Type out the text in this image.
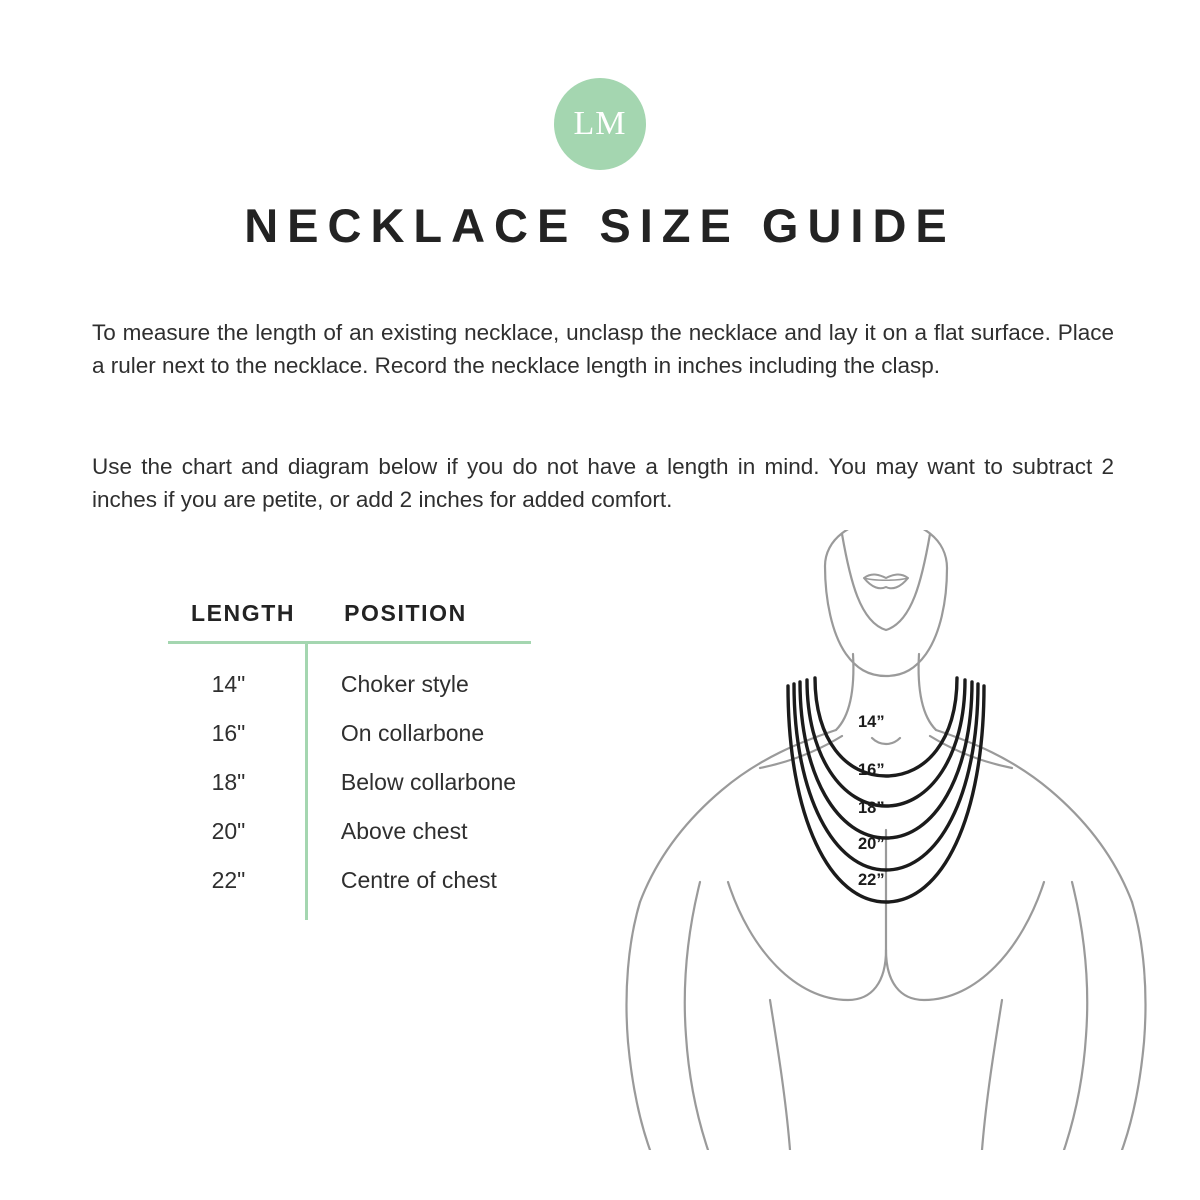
LM
NECKLACE SIZE GUIDE
To measure the length of an existing necklace, unclasp the necklace and lay it on a flat surface. Place a ruler next to the necklace. Record the necklace length in inches including the clasp.
Use the chart and diagram below if you do not have a length in mind. You may want to subtract 2 inches if you are petite, or add 2 inches for added comfort.
LENGTH	POSITION
14"	Choker style
16"	On collarbone
18"	Below collarbone
20"	Above chest
22"	Centre of chest
14”
16”
18”
20”
22”
